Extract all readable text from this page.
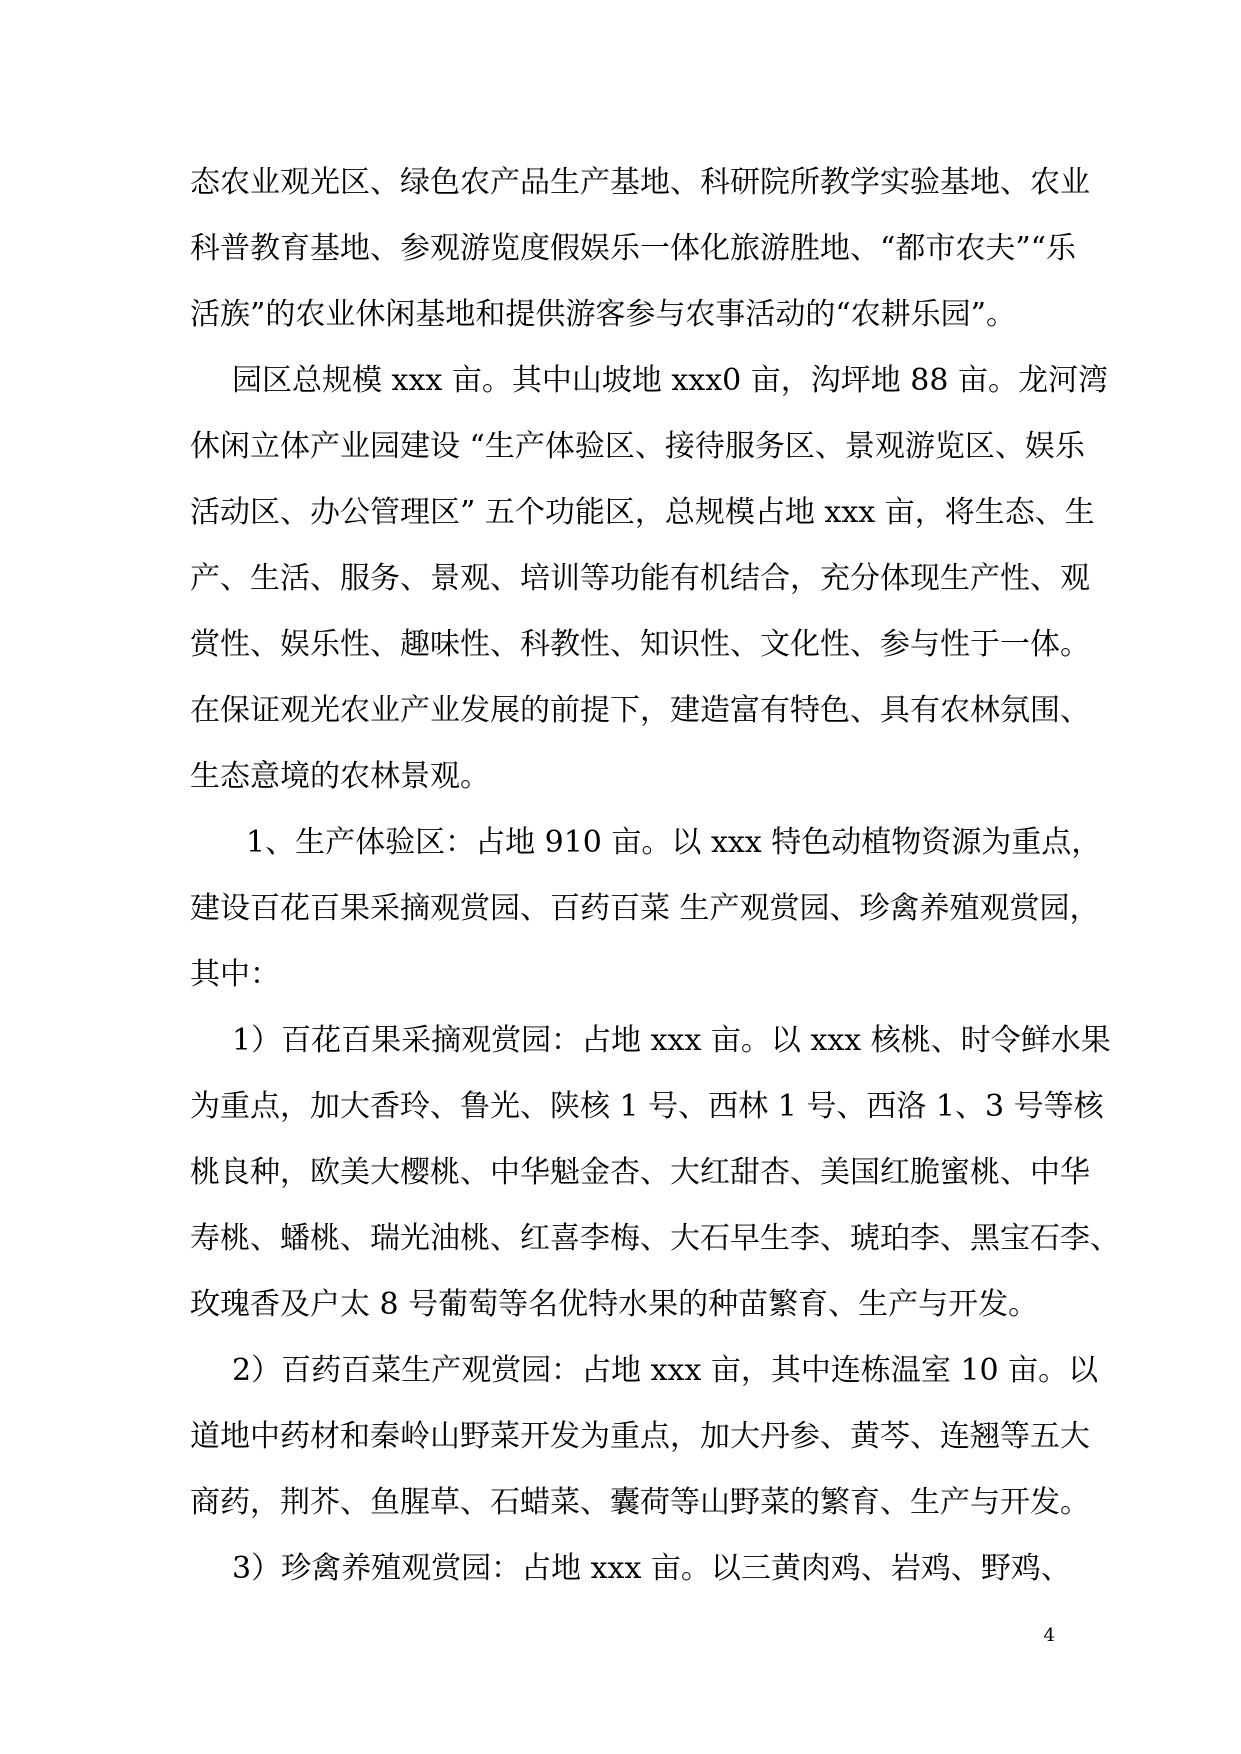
态农业观光区、绿色农产品生产基地、科研院所教学实验基地、农业
科普教育基地、参观游览度假娱乐一体化旅游胜地、“都市农夫”“乐
活族”的农业休闲基地和提供游客参与农事活动的“农耕乐园”。
园区总规模 xxx 亩。其中山坡地 xxx0 亩，沟坪地 88 亩。龙河湾
休闲立体产业园建设 “生产体验区、接待服务区、景观游览区、娱乐
活动区、办公管理区” 五个功能区，总规模占地 xxx 亩，将生态、生
产、生活、服务、景观、培训等功能有机结合，充分体现生产性、观
赏性、娱乐性、趣味性、科教性、知识性、文化性、参与性于一体。
在保证观光农业产业发展的前提下，建造富有特色、具有农林氛围、
生态意境的农林景观。
1、生产体验区：占地 910 亩。以 xxx 特色动植物资源为重点，
建设百花百果采摘观赏园、百药百菜 生产观赏园、珍禽养殖观赏园，
其中：
1）百花百果采摘观赏园：占地 xxx 亩。以 xxx 核桃、时令鲜水果
为重点，加大香玲、鲁光、陕核 1 号、西林 1 号、西洛 1、3 号等核
桃良种，欧美大樱桃、中华魁金杏、大红甜杏、美国红脆蜜桃、中华
寿桃、蟠桃、瑞光油桃、红喜李梅、大石早生李、琥珀李、黑宝石李、
玫瑰香及户太 8 号葡萄等名优特水果的种苗繁育、生产与开发。
2）百药百菜生产观赏园：占地 xxx 亩，其中连栋温室 10 亩。以
道地中药材和秦岭山野菜开发为重点，加大丹参、黄芩、连翘等五大
商药，荆芥、鱼腥草、石蜡菜、囊荷等山野菜的繁育、生产与开发。
3）珍禽养殖观赏园：占地 xxx 亩。以三黄肉鸡、岩鸡、野鸡、
4
